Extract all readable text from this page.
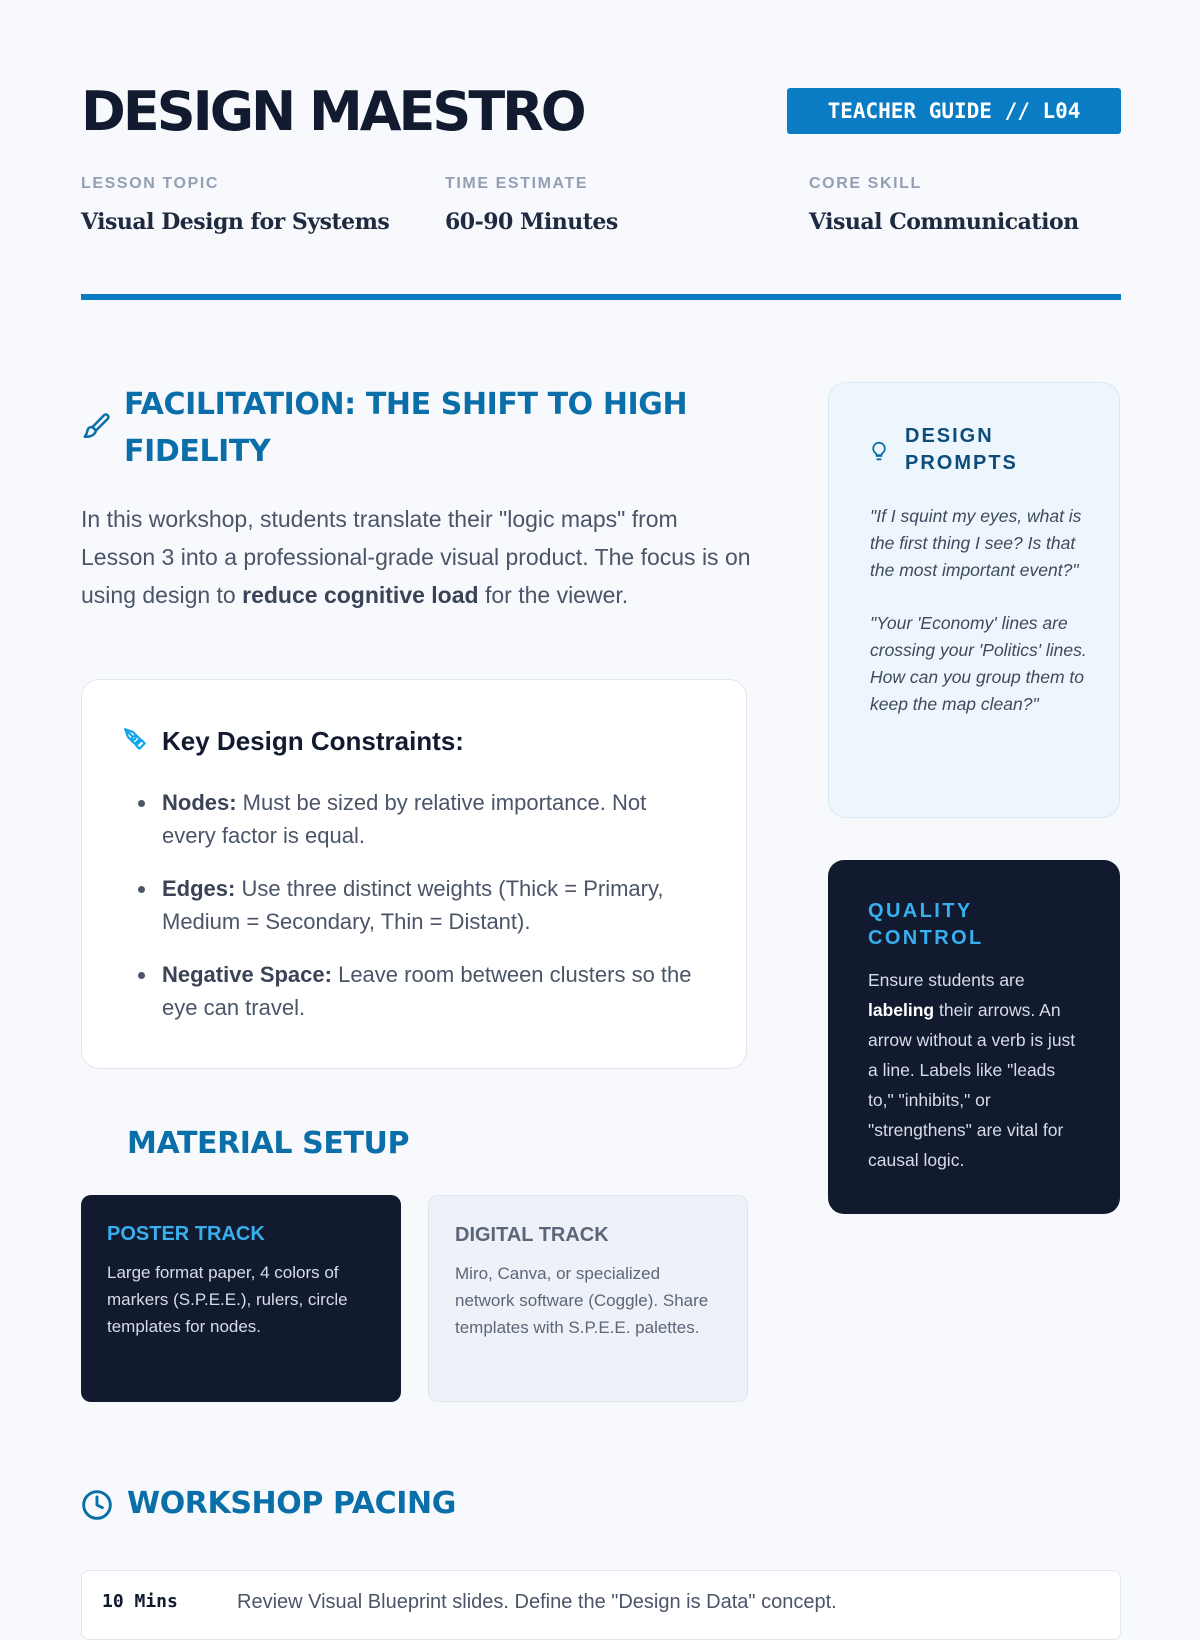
DESIGN MAESTRO	TEACHER GUIDE // L04
LESSON TOPIC
Visual Design for Systems
TIME ESTIMATE
60-90 Minutes
CORE SKILL
Visual Communication
FACILITATION: THE SHIFT TO HIGH
FIDELITY

In this workshop, students translate their "logic maps" from Lesson 3 into a professional-grade visual product. The focus is on using design to reduce cognitive load for the viewer.

Key Design Constraints:
Nodes: Must be sized by relative importance. Not every factor is equal.
Edges: Use three distinct weights (Thick = Primary, Medium = Secondary, Thin = Distant).
Negative Space: Leave room between clusters so the eye can travel.
MATERIAL SETUP
POSTER TRACK
Large format paper, 4 colors of markers (S.P.E.E.), rulers, circle templates for nodes.
DIGITAL TRACK
Miro, Canva, or specialized network software (Coggle). Share templates with S.P.E.E. palettes.
WORKSHOP PACING
10 Mins	Review Visual Blueprint slides. Define the "Design is Data" concept.
DESIGN PROMPTS

"If I squint my eyes, what is the first thing I see? Is that the most important event?"

"Your 'Economy' lines are crossing your 'Politics' lines. How can you group them to keep the map clean?"

QUALITY CONTROL

Ensure students are labeling their arrows. An arrow without a verb is just a line. Labels like "leads to," "inhibits," or "strengthens" are vital for causal logic.
